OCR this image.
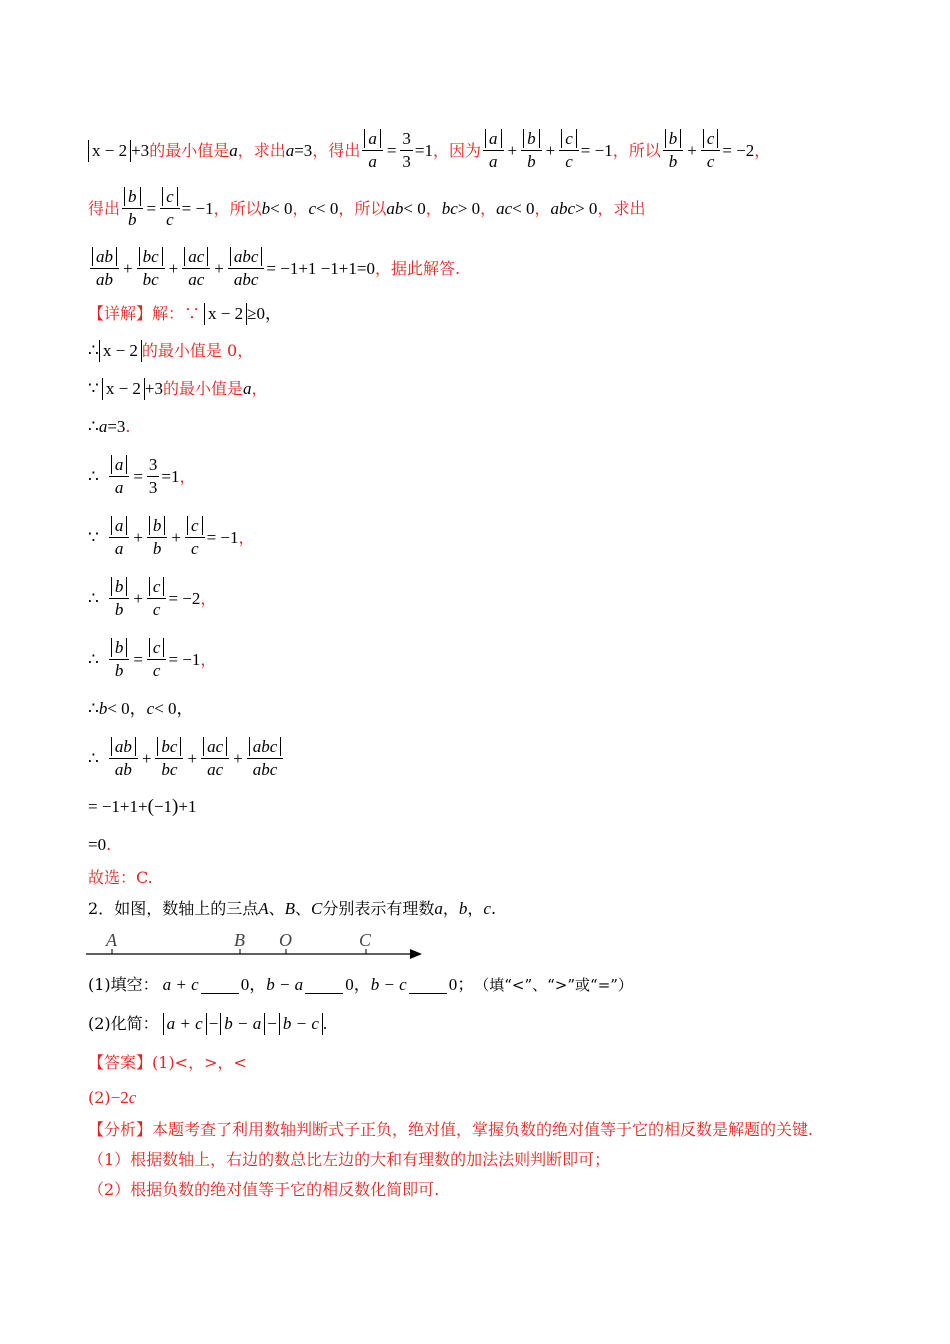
x − 2 +3 的最小值是 a ，求出 a =3 ，得出 $\frac{a}{a} = \frac{3}{3} =1$ ，因为 $\frac{a}{a} + \frac{b}{b} + \frac{c}{c} = -1$ ，所以 $\frac{b}{b} + \frac{c}{c} = -2$ ，
得出 $\frac{b}{b} = \frac{c}{c} = -1$ ，所以 b < 0 ， c < 0 ，所以 ab < 0 ， bc > 0 ， ac < 0 ， abc > 0 ，求出
$\frac{ab}{ab} + \frac{bc}{bc} + \frac{ac}{ac} + \frac{\text{abc}}{\text{abc}} = -1+1 -1+1=0$ ，据此解答.
【详解】 解：∵ x − 2 ≥0，
∴ x − 2 的最小值是 0，
∵ x − 2 +3 的最小值是 a ，
∴ a =3 .
∴ $\frac{a}{a} = \frac{3}{3} =1$ ，
∵ $\frac{a}{a} + \frac{b}{b} + \frac{c}{c} = -1$ ，
∴ $\frac{b}{b} + \frac{c}{c} = -2$ ，
∴ $\frac{b}{b} = \frac{c}{c} = -1$ ，
∴ b < 0， c < 0，
∴ $\frac{ab}{ab} + \frac{bc}{bc} + \frac{ac}{ac} + \frac{\text{abc}}{\text{abc}}$
= −1+1+ ( −1 ) +1
=0 .
故选：C.
2． 如图，数轴上的三点 A 、 B 、 C 分别表示有理数 a ， b ， c .
A	B O	C
(1)填空： a + c 0， b − a 0， b − c 0； （填“<”、“>”或“=”）
(2)化简： a + c − b − a − b − c .
【答案】 (1)<，>，<
(2) −2 c
【分析】 本题考查了利用数轴判断式子正负，绝对值，掌握负数的绝对值等于它的相反数是解题的关键.
（1）根据数轴上，右边的数总比左边的大和有理数的加法法则判断即可；
（2）根据负数的绝对值等于它的相反数化简即可.
